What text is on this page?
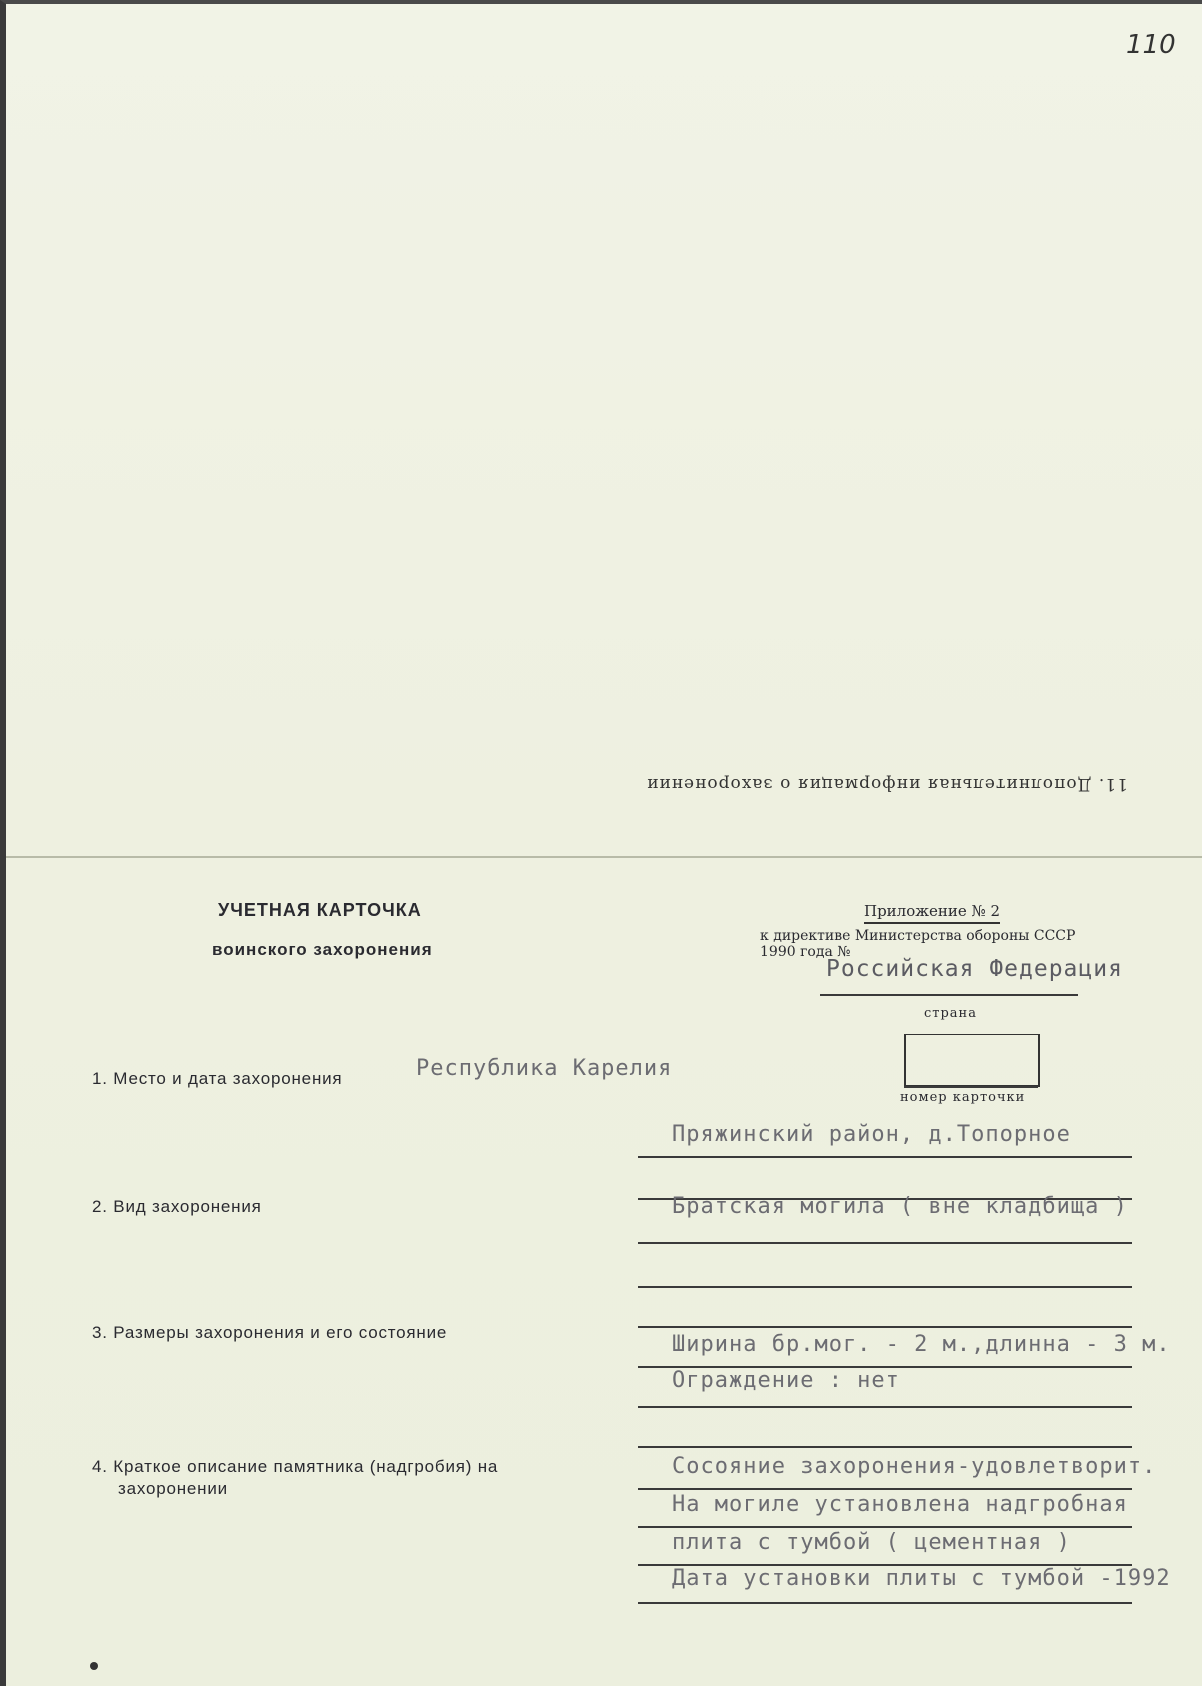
110
11. Дополнительная информация о захоронении
УЧЕТНАЯ КАРТОЧКА
воинского захоронения
Приложение № 2
к директиве Министерства обороны СССР
1990 года №
Российская Федерация
страна
номер карточки
1. Место и дата захоронения	Республика Карелия
Пряжинский район, д.Топорное
2. Вид захоронения	Братская могила ( вне кладбища )
3. Размеры захоронения и его состояние	Ширина бр.мог. - 2 м.,длинна - 3 м.
Ограждение : нет
4. Краткое описание памятника (надгробия) на
захоронении
Сосояние захоронения-удовлетворит.
На могиле установлена надгробная
плита с тумбой ( цементная )
Дата установки плиты с тумбой -1992
